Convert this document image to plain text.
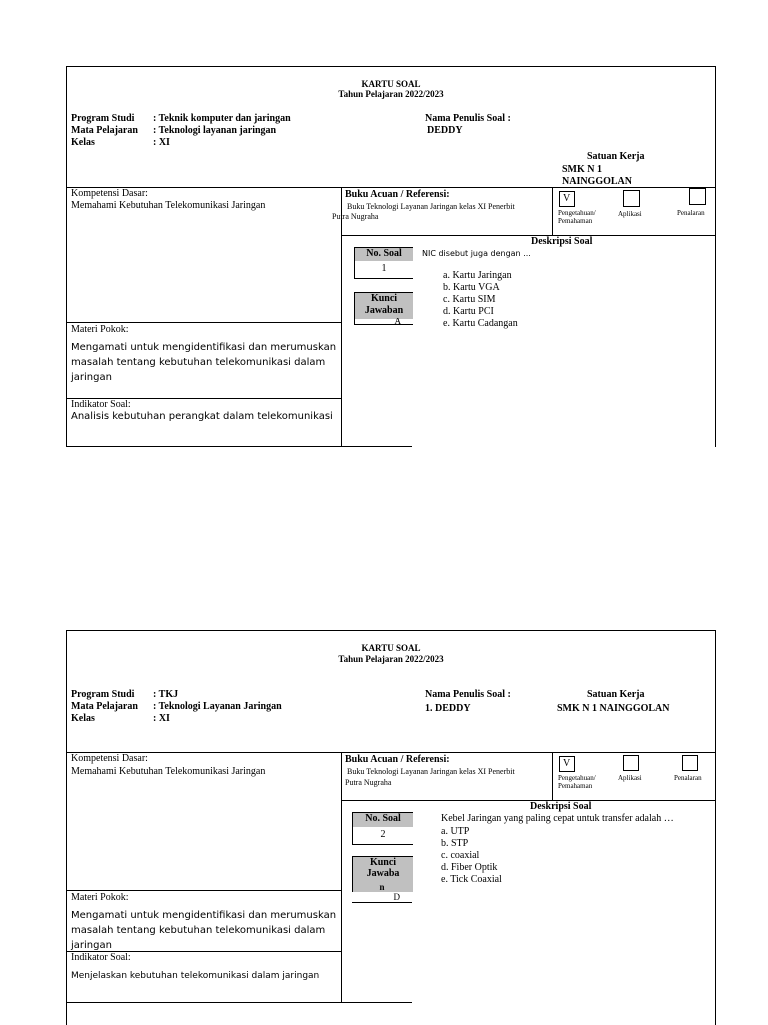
KARTU SOAL
Tahun Pelajaran 2022/2023
Program Studi : Teknik komputer dan jaringan
Mata Pelajaran : Teknologi layanan jaringan
Kelas	: XI
Nama Penulis Soal :
DEDDY
Satuan Kerja
SMK N 1
NAINGGOLAN
Kompetensi Dasar:
Memahami Kebutuhan Telekomunikasi Jaringan
Materi Pokok:
Mengamati untuk mengidentifikasi dan merumuskan masalah tentang kebutuhan telekomunikasi dalam jaringan
Indikator Soal:
Analisis kebutuhan perangkat dalam telekomunikasi
Buku Acuan / Referensi:
Buku Teknologi Layanan Jaringan kelas XI Penerbit
Putra Nugraha
V
Pengetahuan/ Pemahaman
Aplikasi	Penalaran
Deskripsi Soal
No. Soal
1
Kunci
Jawaban
A
NIC disebut juga dengan ...
a. Kartu Jaringan
b. Kartu VGA
c. Kartu SIM
d. Kartu PCI
e. Kartu Cadangan
KARTU SOAL
Tahun Pelajaran 2022/2023
Program Studi : TKJ
Mata Pelajaran : Teknologi Layanan Jaringan
Kelas	: XI
Nama Penulis Soal :
1. DEDDY
Satuan Kerja
SMK N 1 NAINGGOLAN
Kompetensi Dasar:
Memahami Kebutuhan Telekomunikasi Jaringan
Materi Pokok:
Mengamati untuk mengidentifikasi dan merumuskan masalah tentang kebutuhan telekomunikasi dalam jaringan
Indikator Soal:
Menjelaskan kebutuhan telekomunikasi dalam jaringan
Buku Acuan / Referensi:
Buku Teknologi Layanan Jaringan kelas XI Penerbit
Putra Nugraha
V
Pengetahuan/ Pemahaman
Aplikasi	Penalaran
Deskripsi Soal
No. Soal
2
Kunci
Jawaba
n
D
Kebel Jaringan yang paling cepat untuk transfer adalah …
a. UTP
b. STP
c. coaxial
d. Fiber Optik
e. Tick Coaxial
